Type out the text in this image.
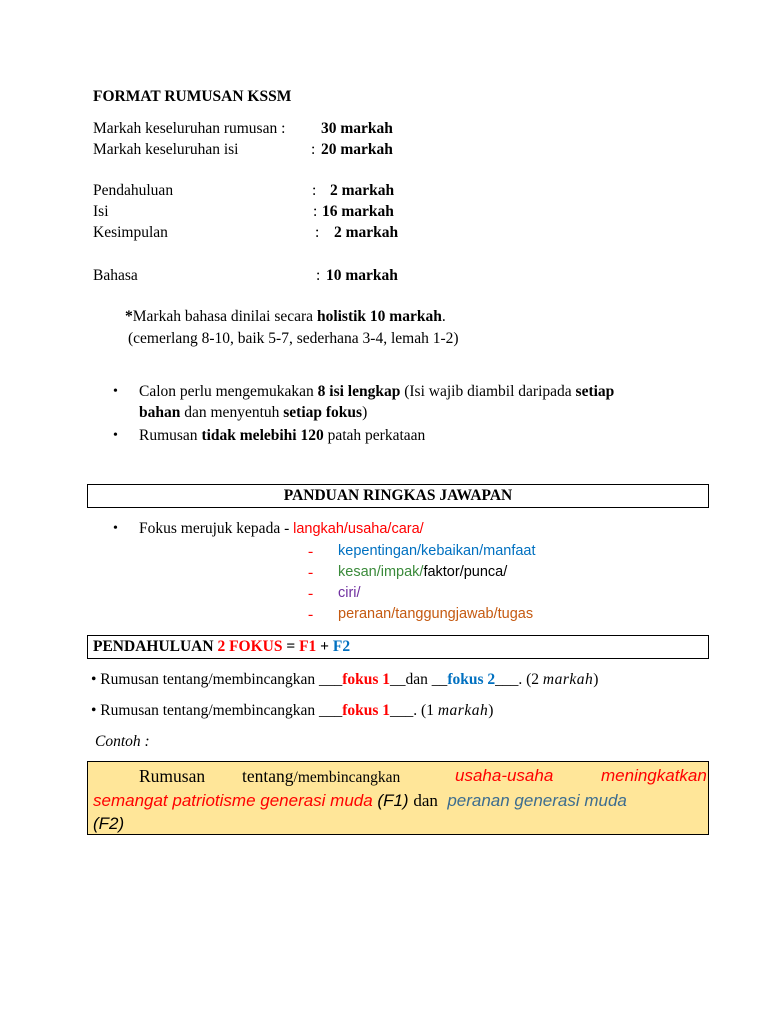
FORMAT RUMUSAN KSSM
Markah keseluruhan rumusan : 30 markah
Markah keseluruhan isi	: 20 markah
Pendahuluan	: 2 markah
Isi	: 16 markah
Kesimpulan	: 2 markah
Bahasa	: 10 markah
*Markah bahasa dinilai secara holistik 10 markah.
(cemerlang 8-10, baik 5-7, sederhana 3-4, lemah 1-2)
• Calon perlu mengemukakan 8 isi lengkap (Isi wajib diambil daripada setiap
bahan dan menyentuh setiap fokus)
• Rumusan tidak melebihi 120 patah perkataan
PANDUAN RINGKAS JAWAPAN
• Fokus merujuk kepada - langkah/usaha/cara/
- kepentingan/kebaikan/manfaat
- kesan/impak/faktor/punca/
- ciri/
- peranan/tanggungjawab/tugas
PENDAHULUAN 2 FOKUS = F1 + F2
• Rumusan tentang/membincangkan ___fokus 1__dan __fokus 2___. (2 markah)
• Rumusan tentang/membincangkan ___fokus 1___. (1 markah)
Contoh :
Rumusan tentang/membincangkan	usaha-usaha	meningkatkan
semangat patriotisme generasi muda (F1) dan peranan generasi muda
(F2)
